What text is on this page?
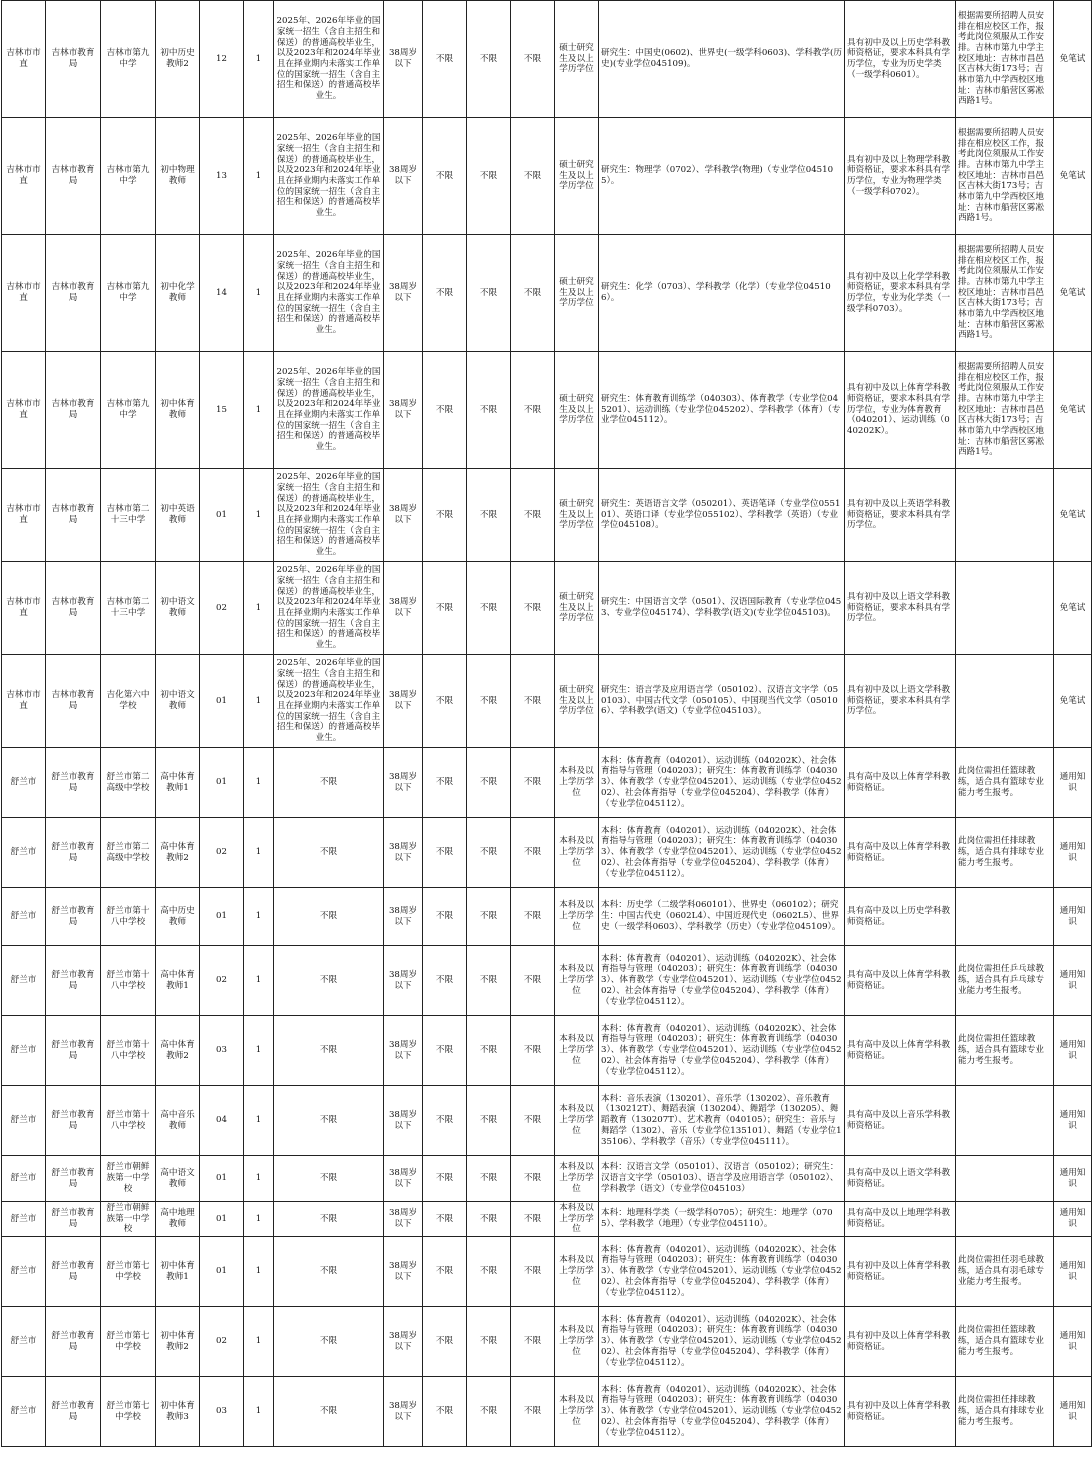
吉林市市直	吉林市教育局	吉林市第九中学	初中历史教师2	12	1	2025年、2026年毕业的国家统一招生（含自主招生和保送）的普通高校毕业生，以及2023年和2024年毕业且在择业期内未落实工作单位的国家统一招生（含自主招生和保送）的普通高校毕业生。	38周岁以下	不限	不限	不限	硕士研究生及以上学历学位	研究生：中国史(0602)、世界史(一级学科0603)、学科教学(历史)(专业学位045109)。	具有初中及以上历史学科教师资格证，要求本科具有学历学位，专业为历史学类（一级学科0601）。	根据需要所招聘人员安排在相应校区工作，报考此岗位须服从工作安排。吉林市第九中学主校区地址：吉林市昌邑区吉林大街173号；吉林市第九中学西校区地址：吉林市船营区雾凇西路1号。	免笔试
吉林市市直	吉林市教育局	吉林市第九中学	初中物理教师	13	1	2025年、2026年毕业的国家统一招生（含自主招生和保送）的普通高校毕业生，以及2023年和2024年毕业且在择业期内未落实工作单位的国家统一招生（含自主招生和保送）的普通高校毕业生。	38周岁以下	不限	不限	不限	硕士研究生及以上学历学位	研究生：物理学（0702）、学科教学(物理)（专业学位045105）。	具有初中及以上物理学科教师资格证，要求本科具有学历学位，专业为物理学类（一级学科0702）。	根据需要所招聘人员安排在相应校区工作，报考此岗位须服从工作安排。吉林市第九中学主校区地址：吉林市昌邑区吉林大街173号；吉林市第九中学西校区地址：吉林市船营区雾凇西路1号。	免笔试
吉林市市直	吉林市教育局	吉林市第九中学	初中化学教师	14	1	2025年、2026年毕业的国家统一招生（含自主招生和保送）的普通高校毕业生，以及2023年和2024年毕业且在择业期内未落实工作单位的国家统一招生（含自主招生和保送）的普通高校毕业生。	38周岁以下	不限	不限	不限	硕士研究生及以上学历学位	研究生：化学（0703）、学科教学（化学）（专业学位045106）。	具有初中及以上化学学科教师资格证，要求本科具有学历学位，专业为化学类（一级学科0703）。	根据需要所招聘人员安排在相应校区工作，报考此岗位须服从工作安排。吉林市第九中学主校区地址：吉林市昌邑区吉林大街173号；吉林市第九中学西校区地址：吉林市船营区雾凇西路1号。	免笔试
吉林市市直	吉林市教育局	吉林市第九中学	初中体育教师	15	1	2025年、2026年毕业的国家统一招生（含自主招生和保送）的普通高校毕业生，以及2023年和2024年毕业且在择业期内未落实工作单位的国家统一招生（含自主招生和保送）的普通高校毕业生。	38周岁以下	不限	不限	不限	硕士研究生及以上学历学位	研究生：体育教育训练学（040303）、体育教学（专业学位045201）、运动训练（专业学位045202）、学科教学（体育）（专业学位045112）。	具有初中及以上体育学科教师资格证，要求本科具有学历学位，专业为体育教育（040201）、运动训练（040202K）。	根据需要所招聘人员安排在相应校区工作，报考此岗位须服从工作安排。吉林市第九中学主校区地址：吉林市昌邑区吉林大街173号；吉林市第九中学西校区地址：吉林市船营区雾凇西路1号。	免笔试
吉林市市直	吉林市教育局	吉林市第二十三中学	初中英语教师	01	1	2025年、2026年毕业的国家统一招生（含自主招生和保送）的普通高校毕业生，以及2023年和2024年毕业且在择业期内未落实工作单位的国家统一招生（含自主招生和保送）的普通高校毕业生。	38周岁以下	不限	不限	不限	硕士研究生及以上学历学位	研究生：英语语言文学（050201）、英语笔译（专业学位055101）、英语口译（专业学位055102）、学科教学（英语）（专业学位045108）。	具有初中及以上英语学科教师资格证，要求本科具有学历学位。		免笔试
吉林市市直	吉林市教育局	吉林市第二十三中学	初中语文教师	02	1	2025年、2026年毕业的国家统一招生（含自主招生和保送）的普通高校毕业生，以及2023年和2024年毕业且在择业期内未落实工作单位的国家统一招生（含自主招生和保送）的普通高校毕业生。	38周岁以下	不限	不限	不限	硕士研究生及以上学历学位	研究生：中国语言文学（0501）、汉语国际教育（专业学位0453、专业学位045174）、学科教学(语文)(专业学位045103)。	具有初中及以上语文学科教师资格证，要求本科具有学历学位。		免笔试
吉林市市直	吉林市教育局	吉化第六中学校	初中语文教师	01	1	2025年、2026年毕业的国家统一招生（含自主招生和保送）的普通高校毕业生，以及2023年和2024年毕业且在择业期内未落实工作单位的国家统一招生（含自主招生和保送）的普通高校毕业生。	38周岁以下	不限	不限	不限	硕士研究生及以上学历学位	研究生：语言学及应用语言学（050102）、汉语言文字学（050103）、中国古代文学（050105）、中国现当代文学（050106）、学科教学(语文)（专业学位045103）。	具有初中及以上语文学科教师资格证，要求本科具有学历学位。		免笔试
舒兰市	舒兰市教育局	舒兰市第二高级中学校	高中体育教师1	01	1	不限	38周岁以下	不限	不限	不限	本科及以上学历学位	本科：体育教育（040201）、运动训练（040202K）、社会体育指导与管理（040203）；研究生：体育教育训练学（040303）、体育教学（专业学位045201）、运动训练（专业学位045202）、社会体育指导（专业学位045204）、学科教学（体育）（专业学位045112）。	具有高中及以上体育学科教师资格证。	此岗位需担任篮球教练，适合具有篮球专业能力考生报考。	通用知识
舒兰市	舒兰市教育局	舒兰市第二高级中学校	高中体育教师2	02	1	不限	38周岁以下	不限	不限	不限	本科及以上学历学位	本科：体育教育（040201）、运动训练（040202K）、社会体育指导与管理（040203）；研究生：体育教育训练学（040303）、体育教学（专业学位045201）、运动训练（专业学位045202）、社会体育指导（专业学位045204）、学科教学（体育）（专业学位045112）。	具有高中及以上体育学科教师资格证。	此岗位需担任排球教练，适合具有排球专业能力考生报考。	通用知识
舒兰市	舒兰市教育局	舒兰市第十八中学校	高中历史教师	01	1	不限	38周岁以下	不限	不限	不限	本科及以上学历学位	本科：历史学（二级学科060101）、世界史（060102）；研究生：中国古代史（0602L4）、中国近现代史（0602L5）、世界史（一级学科0603）、学科教学（历史）（专业学位045109）。	具有高中及以上历史学科教师资格证。		通用知识
舒兰市	舒兰市教育局	舒兰市第十八中学校	高中体育教师1	02	1	不限	38周岁以下	不限	不限	不限	本科及以上学历学位	本科：体育教育（040201）、运动训练（040202K）、社会体育指导与管理（040203）；研究生：体育教育训练学（040303）、体育教学（专业学位045201）、运动训练（专业学位045202）、社会体育指导（专业学位045204）、学科教学（体育）（专业学位045112）。	具有高中及以上体育学科教师资格证。	此岗位需担任乒乓球教练，适合具有乒乓球专业能力考生报考。	通用知识
舒兰市	舒兰市教育局	舒兰市第十八中学校	高中体育教师2	03	1	不限	38周岁以下	不限	不限	不限	本科及以上学历学位	本科：体育教育（040201）、运动训练（040202K）、社会体育指导与管理（040203）；研究生：体育教育训练学（040303）、体育教学（专业学位045201）、运动训练（专业学位045202）、社会体育指导（专业学位045204）、学科教学（体育）（专业学位045112）。	具有高中及以上体育学科教师资格证。	此岗位需担任篮球教练，适合具有篮球专业能力考生报考。	通用知识
舒兰市	舒兰市教育局	舒兰市第十八中学校	高中音乐教师	04	1	不限	38周岁以下	不限	不限	不限	本科及以上学历学位	本科：音乐表演（130201）、音乐学（130202）、音乐教育（130212T）、舞蹈表演（130204）、舞蹈学（130205）、舞蹈教育（130207T）、艺术教育（040105）；研究生：音乐与舞蹈学（1302）、音乐（专业学位135101）、舞蹈（专业学位135106）、学科教学（音乐）（专业学位045111）。	具有高中及以上音乐学科教师资格证。		通用知识
舒兰市	舒兰市教育局	舒兰市朝鲜族第一中学校	高中语文教师	01	1	不限	38周岁以下	不限	不限	不限	本科及以上学历学位	本科：汉语言文学（050101）、汉语言（050102）；研究生：汉语言文字学（050103）、语言学及应用语言学（050102）、学科教学（语文）（专业学位045103）	具有高中及以上语文学科教师资格证。		通用知识
舒兰市	舒兰市教育局	舒兰市朝鲜族第一中学校	高中地理教师	01	1	不限	38周岁以下	不限	不限	不限	本科及以上学历学位	本科：地理科学类（一级学科0705）；研究生：地理学（0705）、学科教学（地理）（专业学位045110）。	具有高中及以上地理学科教师资格证。		通用知识
舒兰市	舒兰市教育局	舒兰市第七中学校	初中体育教师1	01	1	不限	38周岁以下	不限	不限	不限	本科及以上学历学位	本科：体育教育（040201）、运动训练（040202K）、社会体育指导与管理（040203）；研究生：体育教育训练学（040303）、体育教学（专业学位045201）、运动训练（专业学位045202）、社会体育指导（专业学位045204）、学科教学（体育）（专业学位045112）。	具有初中及以上体育学科教师资格证。	此岗位需担任羽毛球教练，适合具有羽毛球专业能力考生报考。	通用知识
舒兰市	舒兰市教育局	舒兰市第七中学校	初中体育教师2	02	1	不限	38周岁以下	不限	不限	不限	本科及以上学历学位	本科：体育教育（040201）、运动训练（040202K）、社会体育指导与管理（040203）；研究生：体育教育训练学（040303）、体育教学（专业学位045201）、运动训练（专业学位045202）、社会体育指导（专业学位045204）、学科教学（体育）（专业学位045112）。	具有初中及以上体育学科教师资格证。	此岗位需担任篮球教练，适合具有篮球专业能力考生报考。	通用知识
舒兰市	舒兰市教育局	舒兰市第七中学校	初中体育教师3	03	1	不限	38周岁以下	不限	不限	不限	本科及以上学历学位	本科：体育教育（040201）、运动训练（040202K）、社会体育指导与管理（040203）；研究生：体育教育训练学（040303）、体育教学（专业学位045201）、运动训练（专业学位045202）、社会体育指导（专业学位045204）、学科教学（体育）（专业学位045112）。	具有初中及以上体育学科教师资格证。	此岗位需担任排球教练，适合具有排球专业能力考生报考。	通用知识
